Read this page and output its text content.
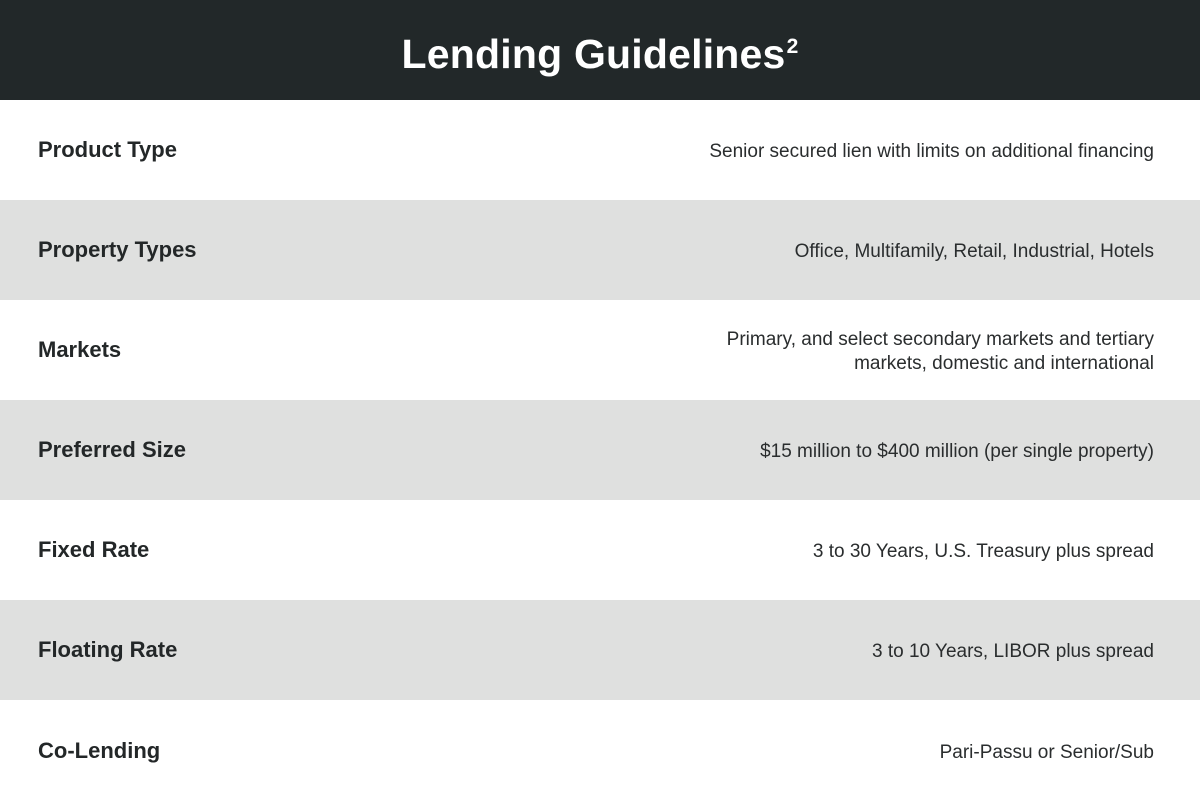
Lending Guidelines 2
Product Type	Senior secured lien with limits on additional financing
Property Types	Office, Multifamily, Retail, Industrial, Hotels
Markets	Primary, and select secondary markets and tertiary markets, domestic and international
Preferred Size	$15 million to $400 million (per single property)
Fixed Rate	3 to 30 Years, U.S. Treasury plus spread
Floating Rate	3 to 10 Years, LIBOR plus spread
Co-Lending	Pari-Passu or Senior/Sub
